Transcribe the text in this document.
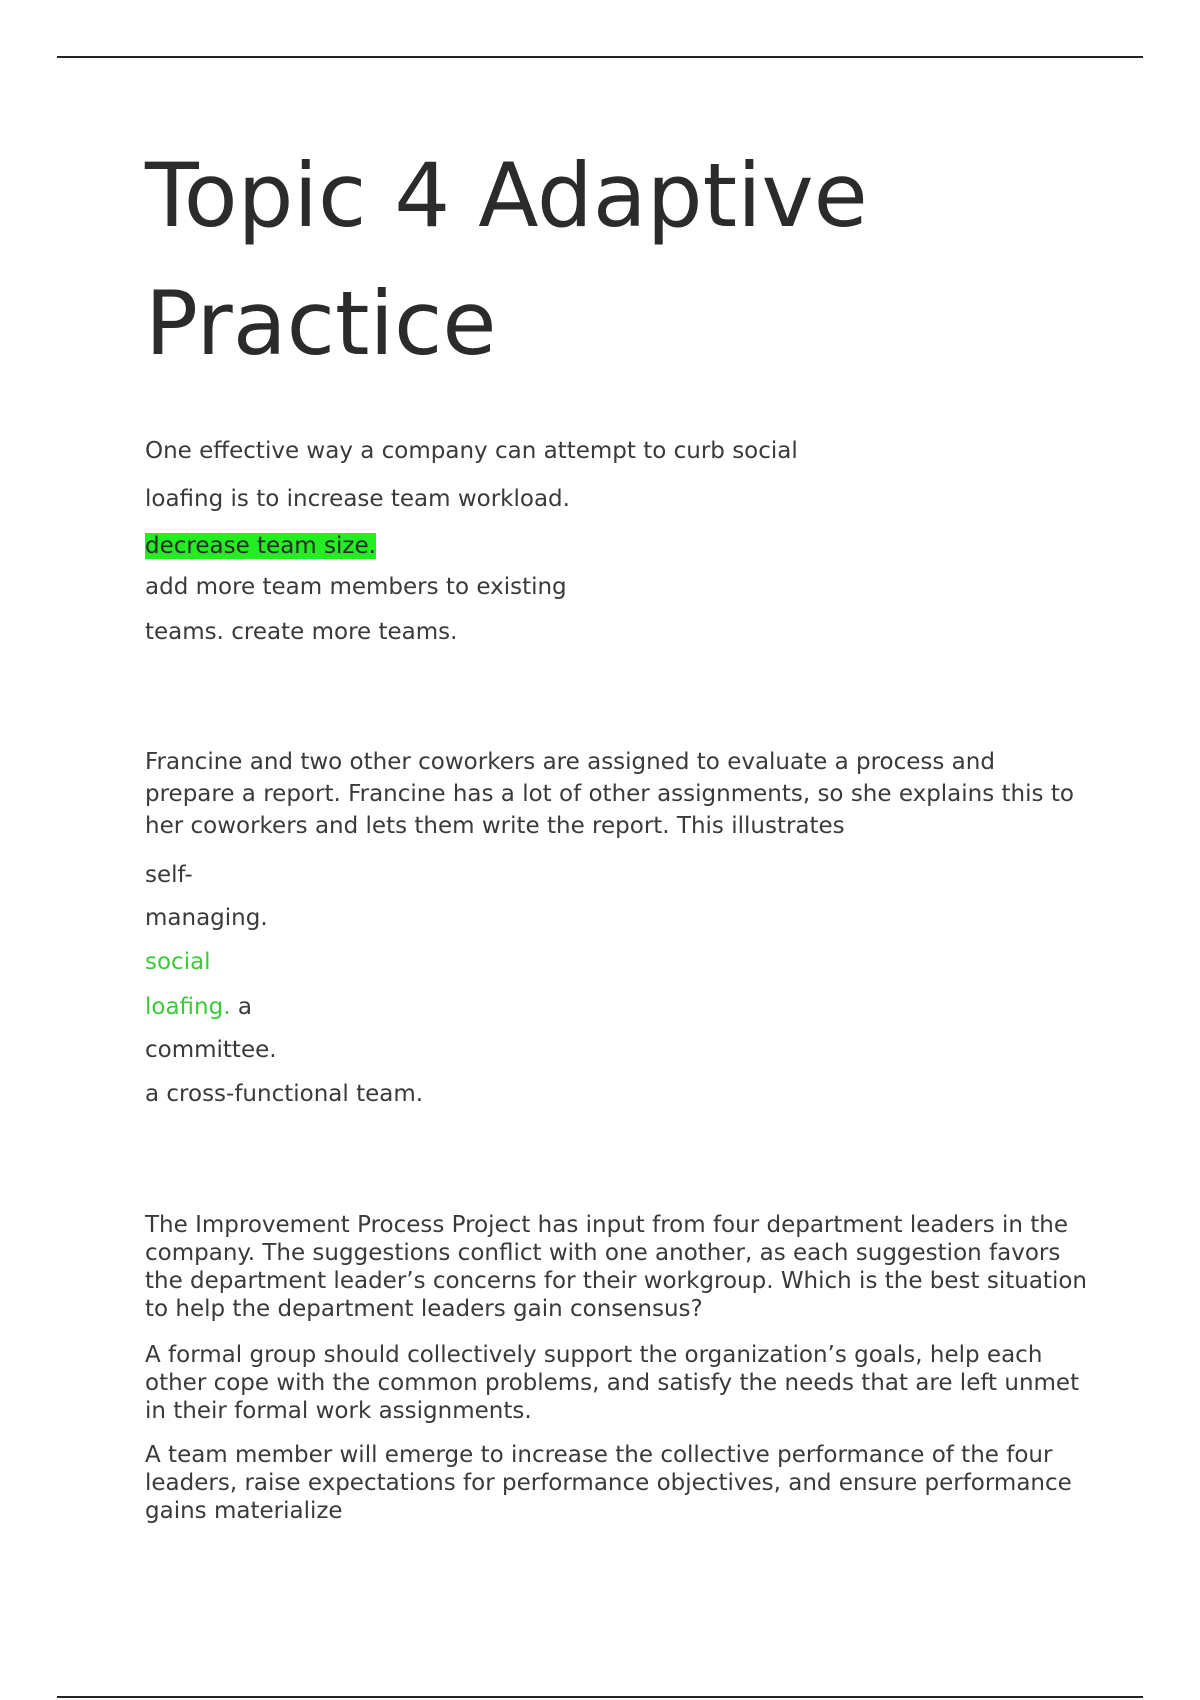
Topic 4 Adaptive
Practice

One effective way a company can attempt to curb social

loafing is to increase team workload.

decrease team size.

add more team members to existing

teams. create more teams.

Francine and two other coworkers are assigned to evaluate a process and prepare a report. Francine has a lot of other assignments, so she explains this to her coworkers and lets them write the report. This illustrates

self-

managing.

social

loafing. a

committee.

a cross-functional team.

The Improvement Process Project has input from four department leaders in the company. The suggestions conflict with one another, as each suggestion favors the department leader’s concerns for their workgroup. Which is the best situation to help the department leaders gain consensus?

A formal group should collectively support the organization’s goals, help each other cope with the common problems, and satisfy the needs that are left unmet in their formal work assignments.

A team member will emerge to increase the collective performance of the four leaders, raise expectations for performance objectives, and ensure performance gains materialize
